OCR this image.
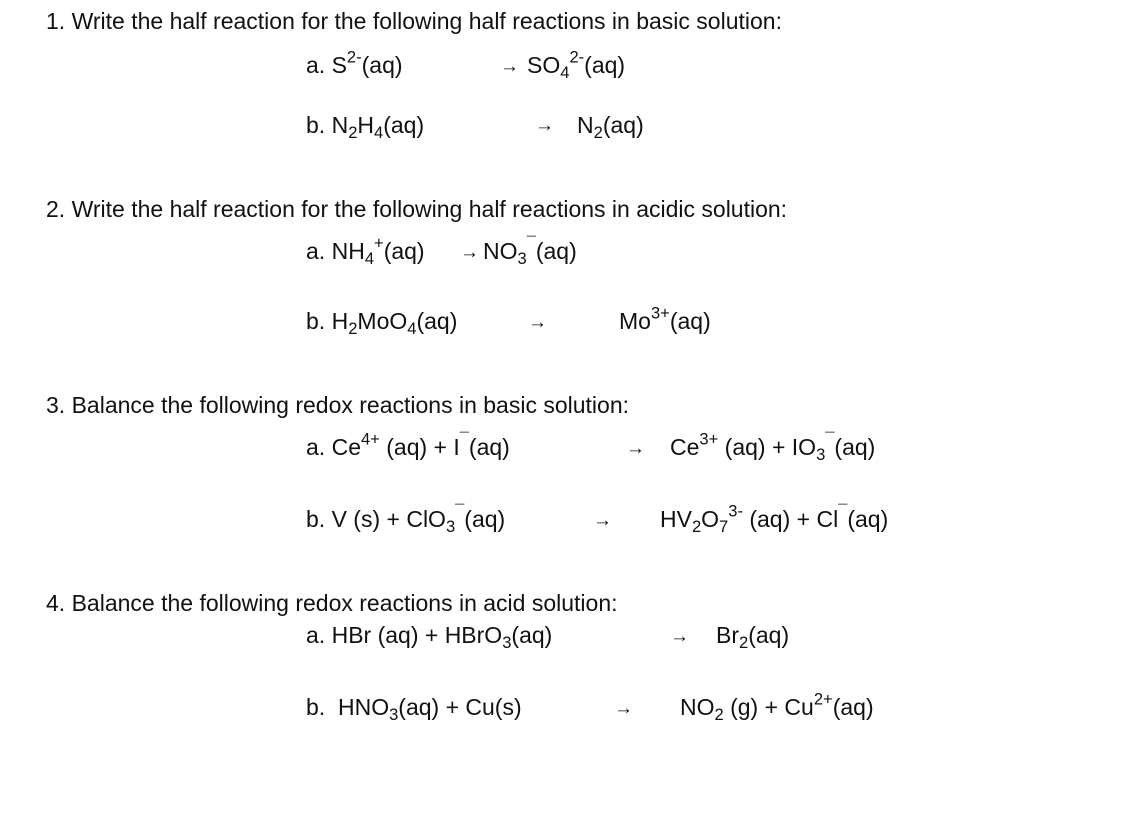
1. Write the half reaction for the following half reactions in basic solution:
a. $S^{2-}(aq)$	→ $SO_4^{2-}(aq)$
b. $N_2H_4(aq)$	→ $N_2(aq)$
2. Write the half reaction for the following half reactions in acidic solution:
a. $NH_4^+(aq) \to NO_3^¯(aq)$
b. $H_2MoO_4(aq)$	→	$Mo^{3+}(aq)$
3. Balance the following redox reactions in basic solution:
a. $Ce^{4+}$ (aq) + I¯(aq)	→ $Ce^{3+}$ $(aq) + IO_3^¯(aq)$
b. V (s) + ClO$_3$¯(aq)	→ $HV_2O_7^{3-}$ (aq) + Cl¯(aq)
4. Balance the following redox reactions in acid solution:
a. HBr (aq) + HBrO$_3$(aq)	→ $Br_2(aq)$
b.  $HNO_3(aq) + Cu(s)$	→ $NO_2$ $(g) + Cu^{2+}(aq)$
